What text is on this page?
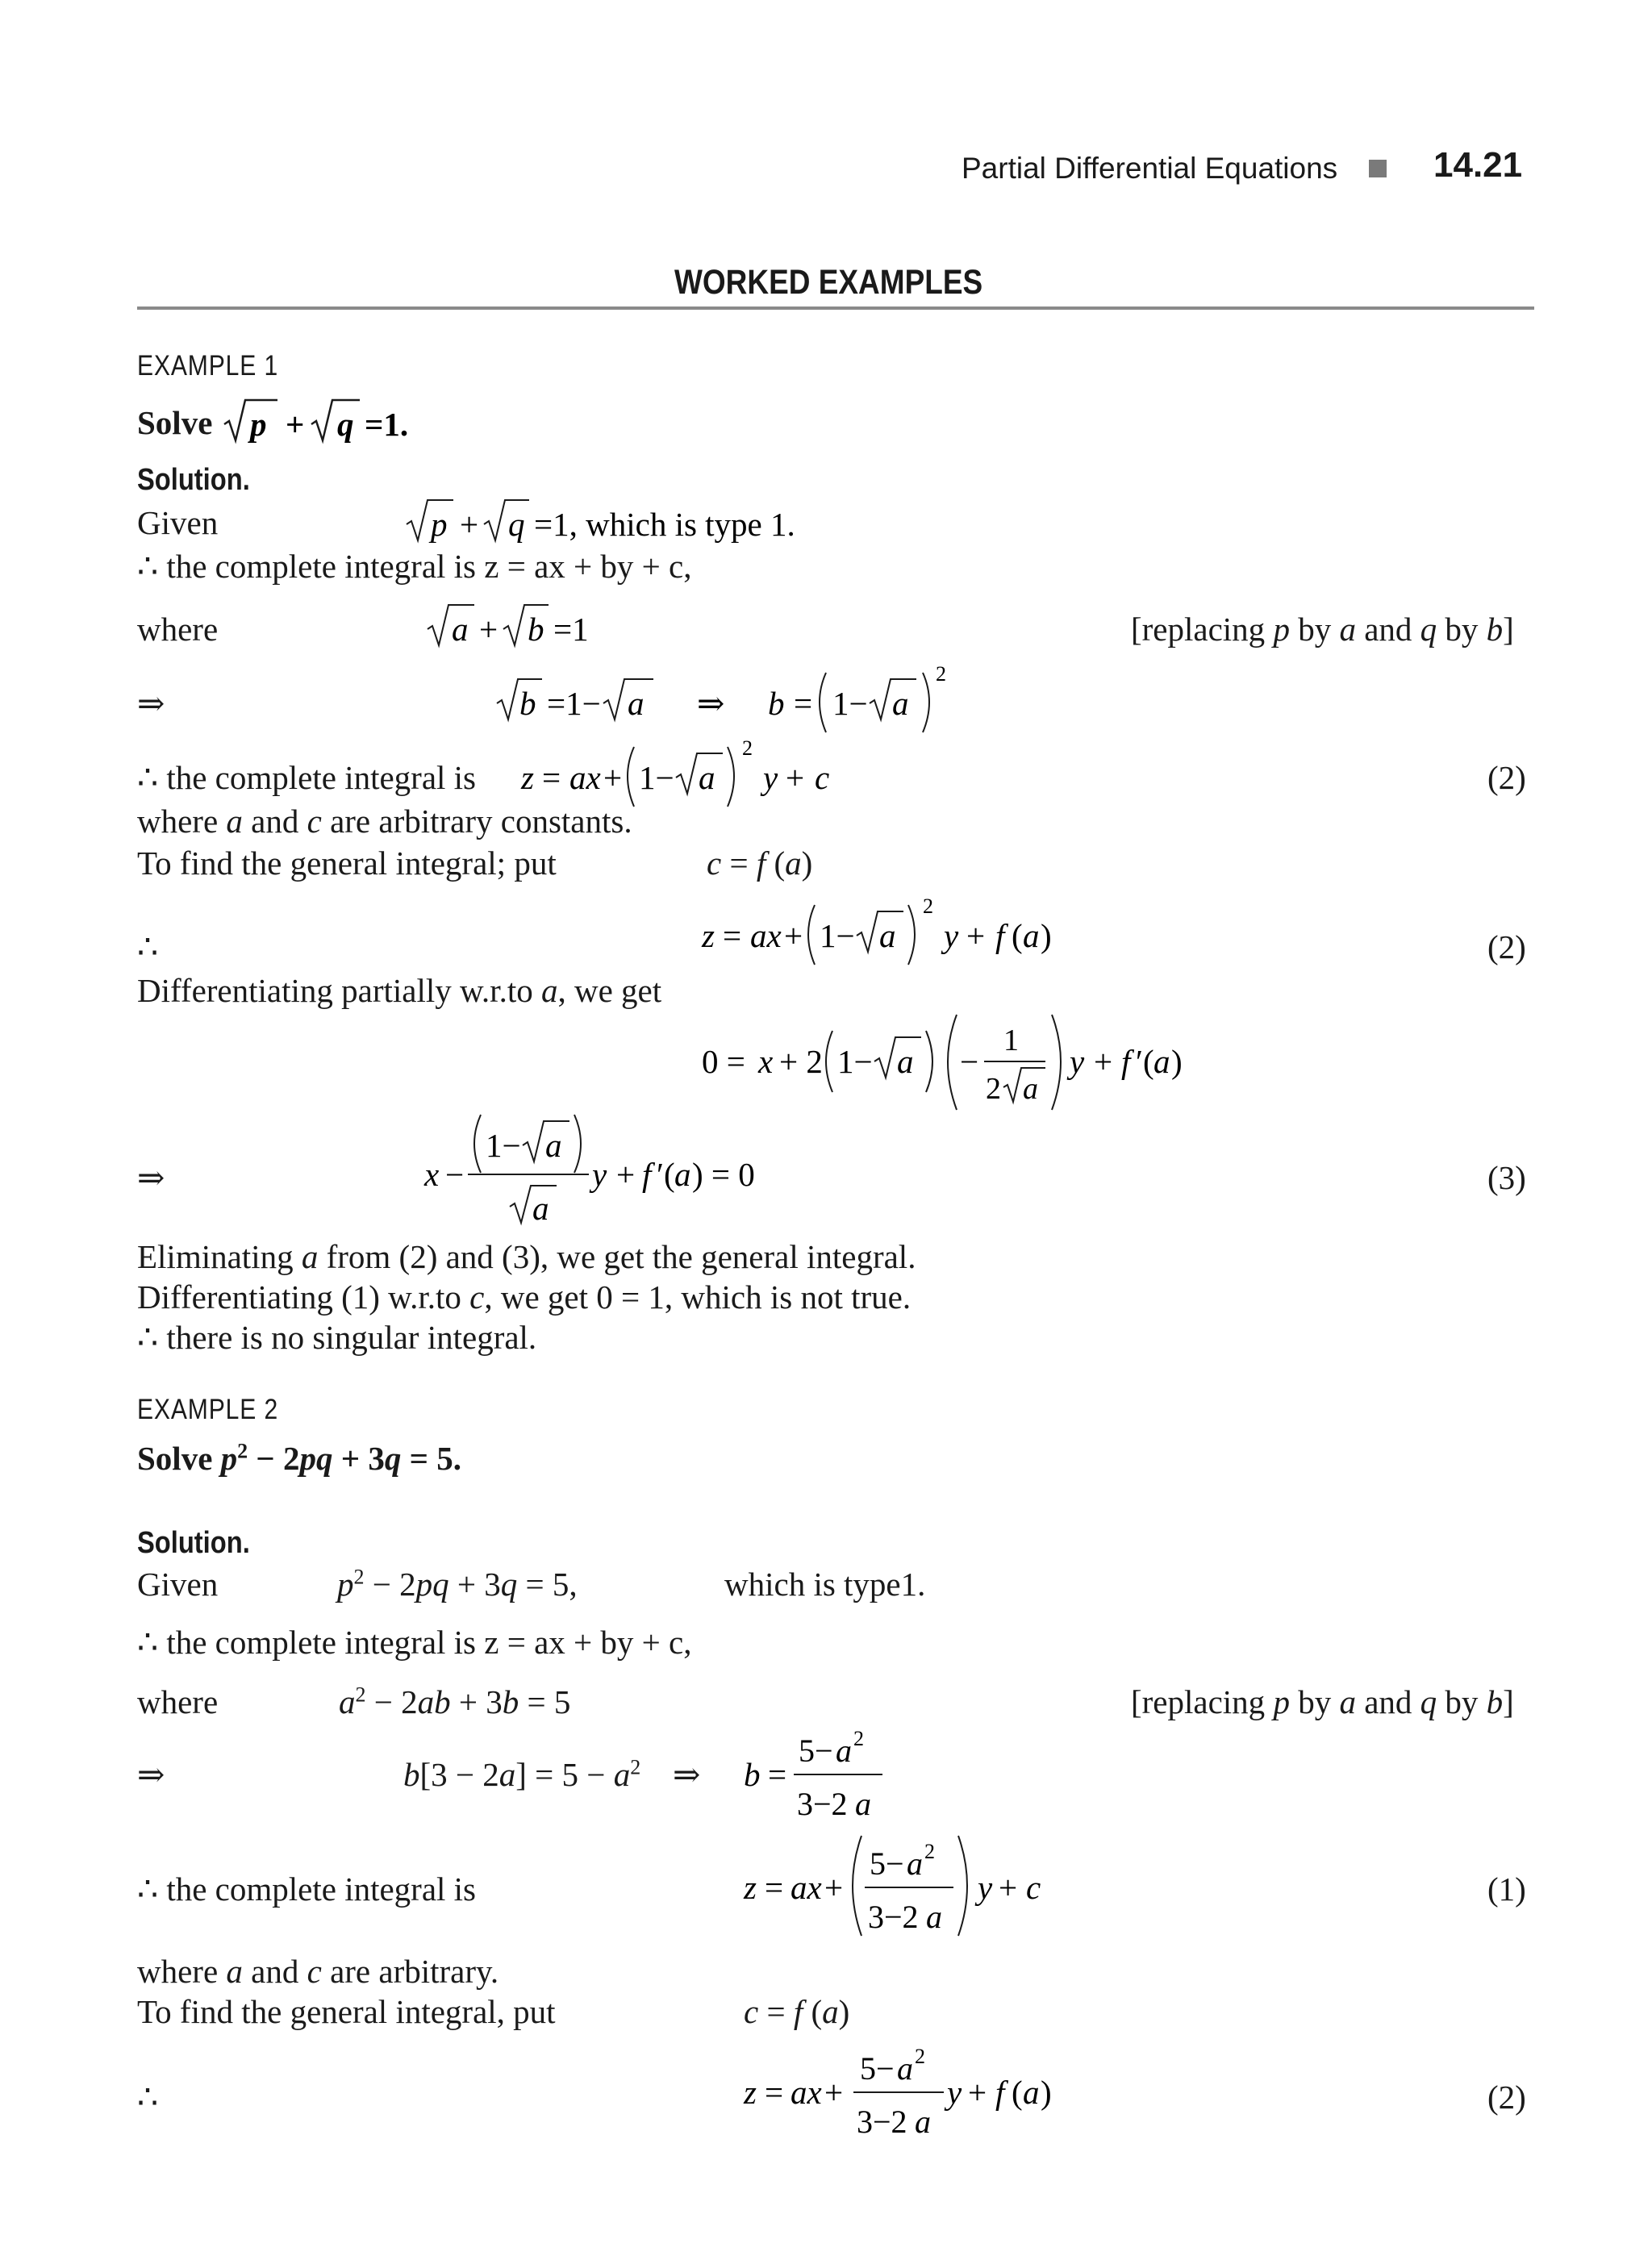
Partial Differential Equations	14.21
WORKED EXAMPLES
EXAMPLE 1
Solve p + q =1.
Solution.
Given	p + q =1, which is type 1.
∴ the complete integral is z = ax + by + c,
where	a + b =1	[replacing p by a and q by b]
⇒	b =1− a ⇒ b = 1− a
2
∴ the complete integral is z = ax + 1− a
2
y + c	(2)
where a and c are arbitrary constants.
To find the general integral; put	c = f (a)
∴	z = ax + 1− a
2
y + f ( a )	(2)
Differentiating partially w.r.to a, we get
0 = x + 2 1− a −
1
2 a
y + f ′( a )
⇒	x −
1− a
a
y + f ′( a ) = 0	(3)
Eliminating a from (2) and (3), we get the general integral.
Differentiating (1) w.r.to c, we get 0 = 1, which is not true.
∴ there is no singular integral.
EXAMPLE 2
Solve $p^2 - 2pq + 3q = 5$.
Solution.
Given	$p^2 - 2pq + 3q = 5$,	which is type1.
∴ the complete integral is z = ax + by + c,
where	$a^2 - 2ab + 3b = 5$	[replacing p by a and q by b]
⇒	$b[3 - 2a] = 5 - a^2$ ⇒ b =
5− a 2
3−2 a
∴ the complete integral is	z = ax +
5− a 2
3−2 a
y + c	(1)
where a and c are arbitrary.
To find the general integral, put	c = f (a)
∴	z = ax +
5− a 2
3−2 a
y + f ( a )	(2)
